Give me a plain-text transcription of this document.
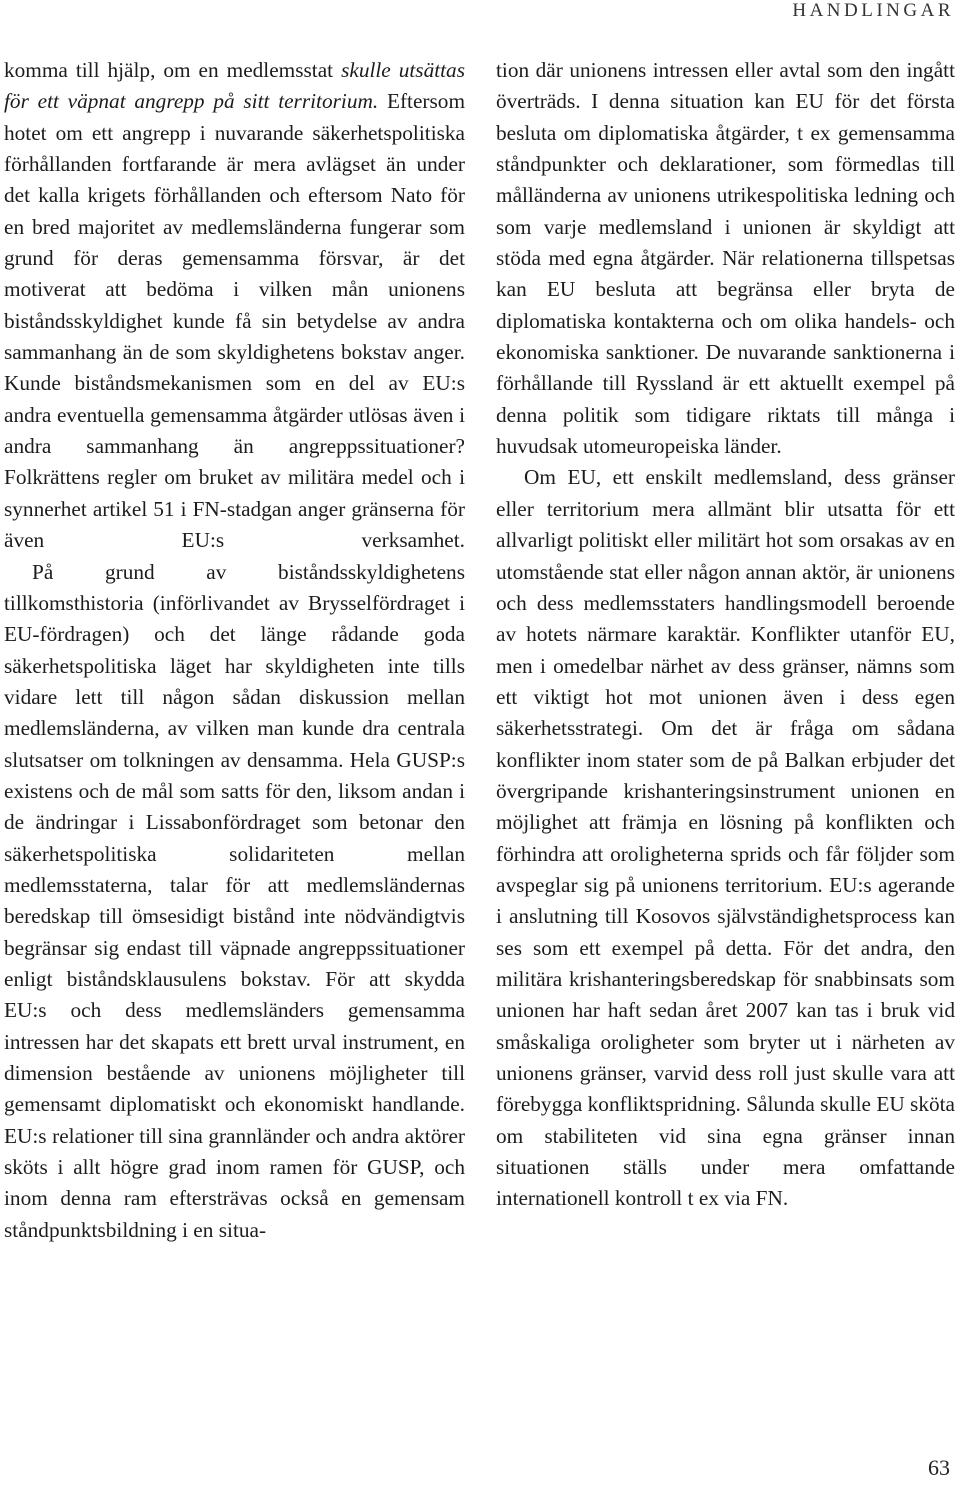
HANDLINGAR

komma till hjälp, om en medlemsstat skulle utsättas för ett väpnat angrepp på sitt territorium. Eftersom hotet om ett angrepp i nuvarande säkerhetspolitiska förhållanden fortfarande är mera avlägset än under det kalla krigets förhållanden och eftersom Nato för en bred majoritet av medlemsländerna fungerar som grund för deras gemensamma försvar, är det motiverat att bedöma i vilken mån unionens biståndsskyldighet kunde få sin betydelse av andra sammanhang än de som skyldighetens bokstav anger. Kunde biståndsmekanismen som en del av EU:s andra eventuella gemensamma åtgärder utlösas även i andra sammanhang än angreppssituationer? Folkrättens regler om bruket av militära medel och i synnerhet artikel 51 i FN-stadgan anger gränserna för även EU:s verksamhet.

På grund av biståndsskyldighetens tillkomsthistoria (införlivandet av Brysselfördraget i EU-fördragen) och det länge rådande goda säkerhetspolitiska läget har skyldigheten inte tills vidare lett till någon sådan diskussion mellan medlemsländerna, av vilken man kunde dra centrala slutsatser om tolkningen av densamma. Hela GUSP:s existens och de mål som satts för den, liksom andan i de ändringar i Lissabonfördraget som betonar den säkerhetspolitiska solidariteten mellan medlemsstaterna, talar för att medlemsländernas beredskap till ömsesidigt bistånd inte nödvändigtvis begränsar sig endast till väpnade angreppssituationer enligt biståndsklausulens bokstav. För att skydda EU:s och dess medlemsländers gemensamma intressen har det skapats ett brett urval instrument, en dimension bestående av unionens möjligheter till gemensamt diplomatiskt och ekonomiskt handlande. EU:s relationer till sina grannländer och andra aktörer sköts i allt högre grad inom ramen för GUSP, och inom denna ram eftersträvas också en gemensam ståndpunktsbildning i en situa-

tion där unionens intressen eller avtal som den ingått överträds. I denna situation kan EU för det första besluta om diplomatiska åtgärder, t ex gemensamma ståndpunkter och deklarationer, som förmedlas till målländerna av unionens utrikespolitiska ledning och som varje medlemsland i unionen är skyldigt att stöda med egna åtgärder. När relationerna tillspetsas kan EU besluta att begränsa eller bryta de diplomatiska kontakterna och om olika handels- och ekonomiska sanktioner. De nuvarande sanktionerna i förhållande till Ryssland är ett aktuellt exempel på denna politik som tidigare riktats till många i huvudsak utomeuropeiska länder.

Om EU, ett enskilt medlemsland, dess gränser eller territorium mera allmänt blir utsatta för ett allvarligt politiskt eller militärt hot som orsakas av en utomstående stat eller någon annan aktör, är unionens och dess medlemsstaters handlingsmodell beroende av hotets närmare karaktär. Konflikter utanför EU, men i omedelbar närhet av dess gränser, nämns som ett viktigt hot mot unionen även i dess egen säkerhetsstrategi. Om det är fråga om sådana konflikter inom stater som de på Balkan erbjuder det övergripande krishanteringsinstrument unionen en möjlighet att främja en lösning på konflikten och förhindra att oroligheterna sprids och får följder som avspeglar sig på unionens territorium. EU:s agerande i anslutning till Kosovos självständighetsprocess kan ses som ett exempel på detta. För det andra, den militära krishanteringsberedskap för snabbinsats som unionen har haft sedan året 2007 kan tas i bruk vid småskaliga oroligheter som bryter ut i närheten av unionens gränser, varvid dess roll just skulle vara att förebygga konfliktspridning. Sålunda skulle EU sköta om stabiliteten vid sina egna gränser innan situationen ställs under mera omfattande internationell kontroll t ex via FN.

63
